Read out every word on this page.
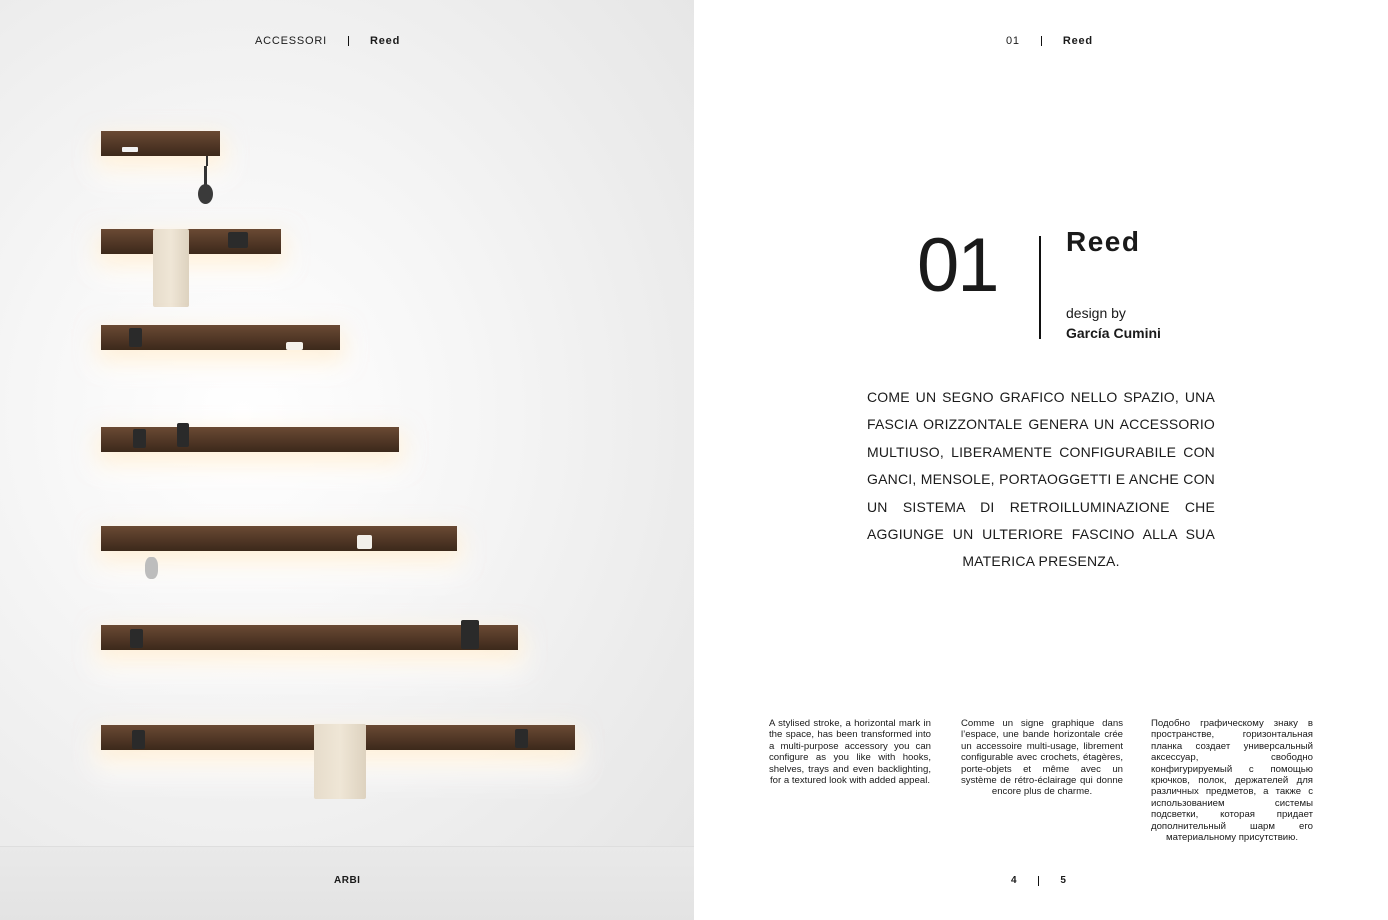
ACCESSORI	Reed
ARBI
01	Reed
01 Reed
design by
García Cumini
COME UN SEGNO GRAFICO NELLO SPAZIO, UNA FASCIA ORIZZONTALE GENERA UN ACCESSORIO MULTIUSO, LIBERAMENTE CONFIGURABILE CON GANCI, MENSOLE, PORTAOGGETTI E ANCHE CON UN SISTEMA DI RETROILLUMINAZIONE CHE AGGIUNGE UN ULTERIORE FASCINO ALLA SUA MATERICA PRESENZA.
A stylised stroke, a horizontal mark in the space, has been transformed into a multi-purpose accessory you can configure as you like with hooks, shelves, trays and even backlighting, for a textured look with added appeal.
Comme un signe graphique dans l’espace, une bande horizontale crée un accessoire multi-usage, librement configurable avec crochets, étagères, porte-objets et même avec un système de rétro-éclairage qui donne encore plus de charme.
Подобно графическому знаку в пространстве, горизонтальная планка создает универсальный аксессуар, свободно конфигурируемый с помощью крючков, полок, держателей для различных предметов, а также с использованием системы подсветки, которая придает дополнительный шарм его материальному присутствию.
4	5
